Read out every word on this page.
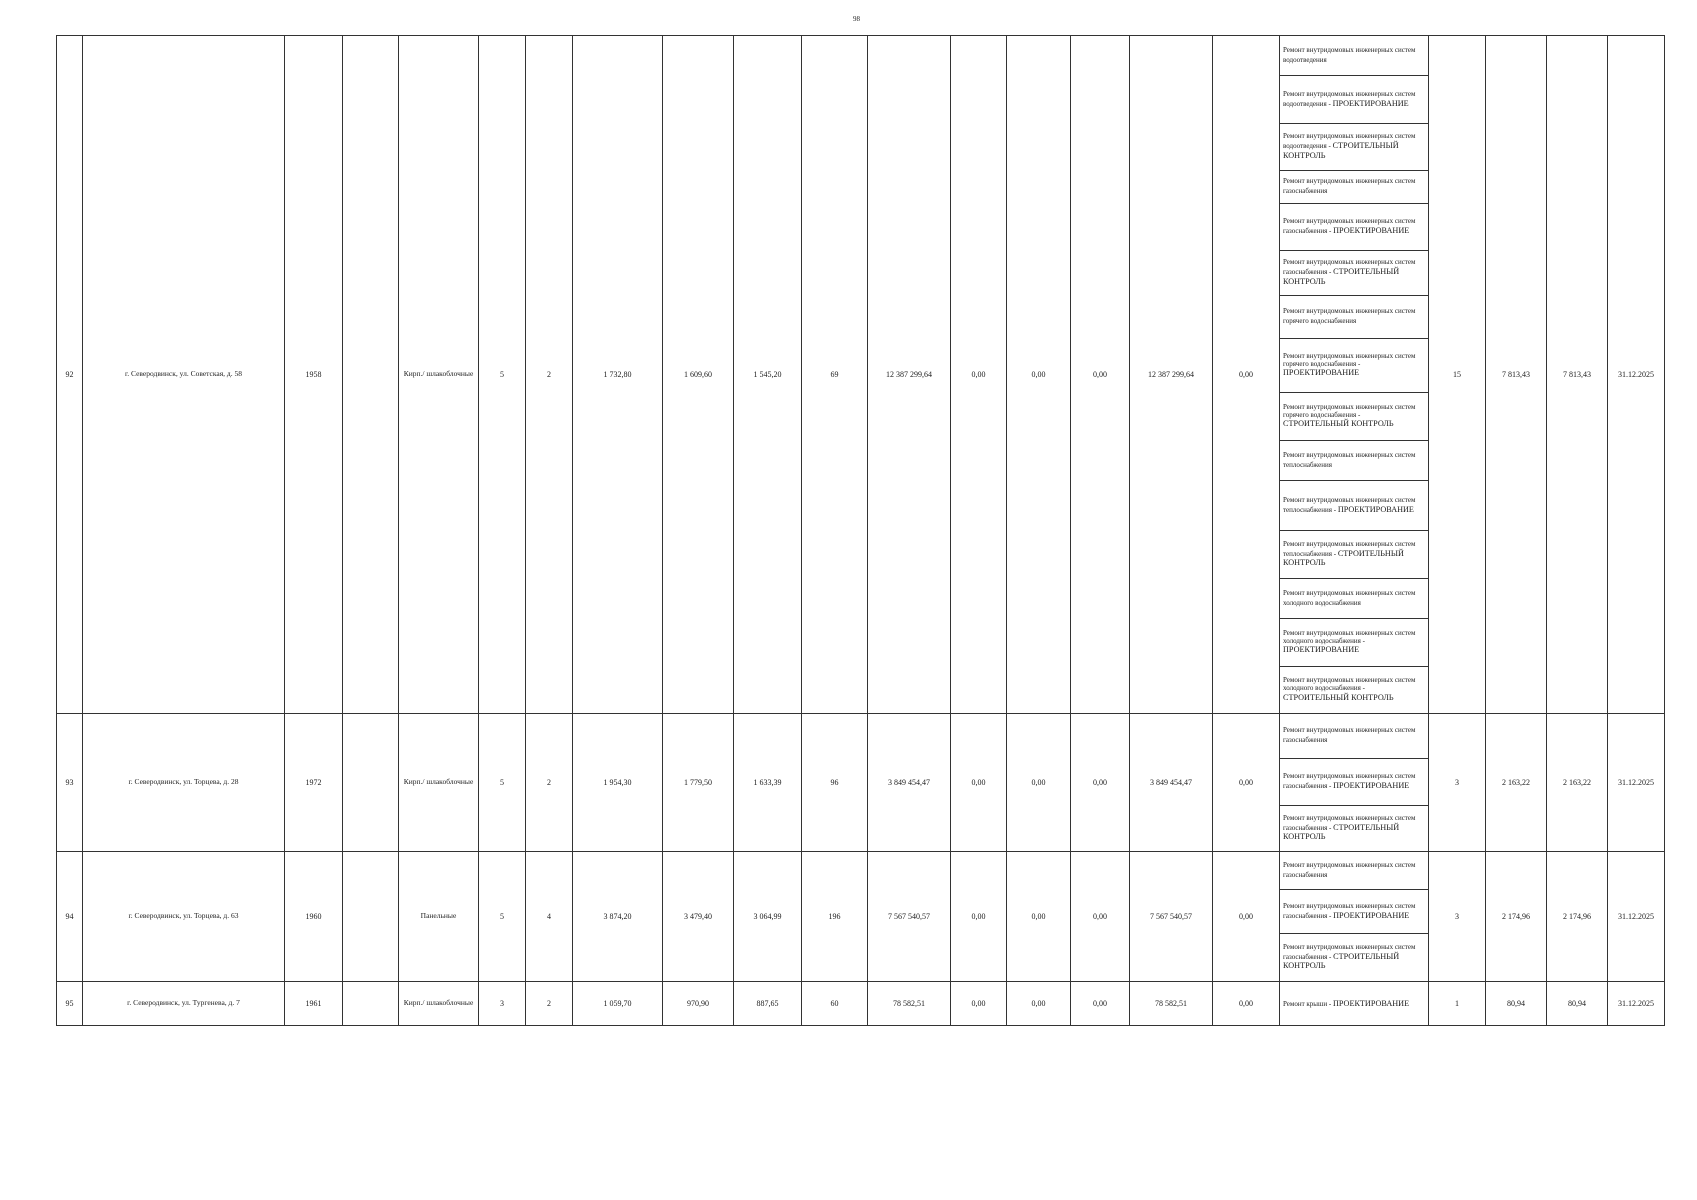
98
92	г. Северодвинск, ул. Советская, д. 58	1958		Кирп./ шлакоблочные	5	2	1 732,80	1 609,60	1 545,20	69	12 387 299,64	0,00	0,00	0,00	12 387 299,64	0,00	Ремонт внутридомовых инженерных систем водоотведения	15	7 813,43	7 813,43	31.12.2025
																	Ремонт внутридомовых инженерных систем водоотведения - ПРОЕКТИРОВАНИЕ				
																	Ремонт внутридомовых инженерных систем водоотведения - СТРОИТЕЛЬНЫЙ КОНТРОЛЬ				
																	Ремонт внутридомовых инженерных систем газоснабжения				
																	Ремонт внутридомовых инженерных систем газоснабжения - ПРОЕКТИРОВАНИЕ				
																	Ремонт внутридомовых инженерных систем газоснабжения - СТРОИТЕЛЬНЫЙ КОНТРОЛЬ				
																	Ремонт внутридомовых инженерных систем горячего водоснабжения				
																	Ремонт внутридомовых инженерных систем горячего водоснабжения - ПРОЕКТИРОВАНИЕ				
																	Ремонт внутридомовых инженерных систем горячего водоснабжения - СТРОИТЕЛЬНЫЙ КОНТРОЛЬ				
																	Ремонт внутридомовых инженерных систем теплоснабжения				
																	Ремонт внутридомовых инженерных систем теплоснабжения - ПРОЕКТИРОВАНИЕ				
																	Ремонт внутридомовых инженерных систем теплоснабжения - СТРОИТЕЛЬНЫЙ КОНТРОЛЬ				
																	Ремонт внутридомовых инженерных систем холодного водоснабжения				
																	Ремонт внутридомовых инженерных систем холодного водоснабжения - ПРОЕКТИРОВАНИЕ				
																	Ремонт внутридомовых инженерных систем холодного водоснабжения - СТРОИТЕЛЬНЫЙ КОНТРОЛЬ				
93	г. Северодвинск, ул. Торцева, д. 28	1972		Кирп./ шлакоблочные	5	2	1 954,30	1 779,50	1 633,39	96	3 849 454,47	0,00	0,00	0,00	3 849 454,47	0,00	Ремонт внутридомовых инженерных систем газоснабжения	3	2 163,22	2 163,22	31.12.2025
																	Ремонт внутридомовых инженерных систем газоснабжения - ПРОЕКТИРОВАНИЕ				
																	Ремонт внутридомовых инженерных систем газоснабжения - СТРОИТЕЛЬНЫЙ КОНТРОЛЬ				
94	г. Северодвинск, ул. Торцева, д. 63	1960		Панельные	5	4	3 874,20	3 479,40	3 064,99	196	7 567 540,57	0,00	0,00	0,00	7 567 540,57	0,00	Ремонт внутридомовых инженерных систем газоснабжения	3	2 174,96	2 174,96	31.12.2025
																	Ремонт внутридомовых инженерных систем газоснабжения - ПРОЕКТИРОВАНИЕ				
																	Ремонт внутридомовых инженерных систем газоснабжения - СТРОИТЕЛЬНЫЙ КОНТРОЛЬ				
95	г. Северодвинск, ул. Тургенева, д. 7	1961		Кирп./ шлакоблочные	3	2	1 059,70	970,90	887,65	60	78 582,51	0,00	0,00	0,00	78 582,51	0,00	Ремонт крыши - ПРОЕКТИРОВАНИЕ	1	80,94	80,94	31.12.2025
